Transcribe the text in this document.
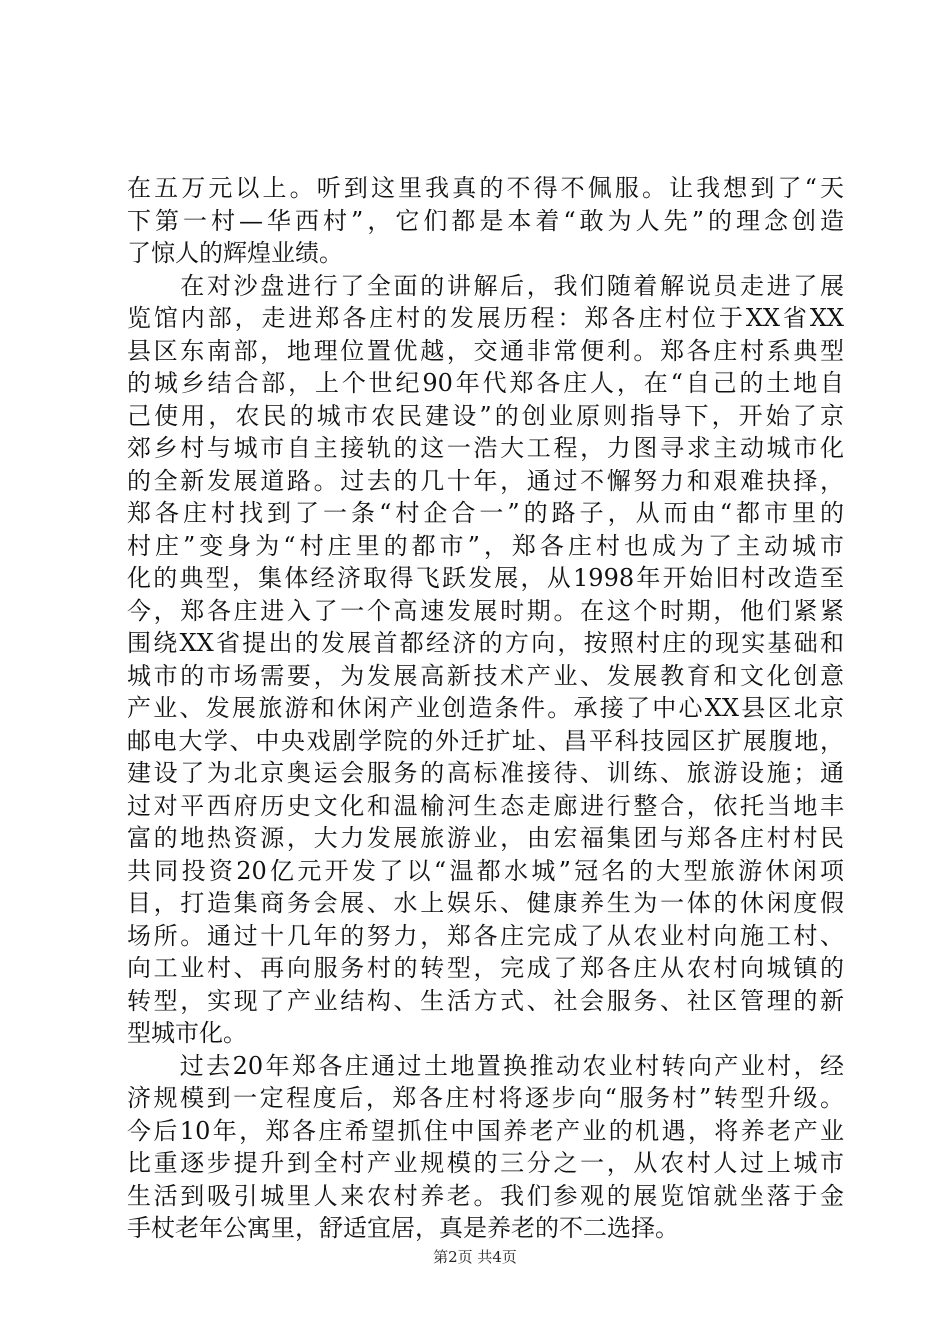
在五万元以上。听到这里我真的不得不佩服。让我想到了“天
下第一村—华西村”，它们都是本着“敢为人先”的理念创造
了惊人的辉煌业绩。
　　在对沙盘进行了全面的讲解后，我们随着解说员走进了展
览馆内部，走进郑各庄村的发展历程：郑各庄村位于XX省XX
县区东南部，地理位置优越，交通非常便利。郑各庄村系典型
的城乡结合部，上个世纪90年代郑各庄人，在“自己的土地自
己使用，农民的城市农民建设”的创业原则指导下，开始了京
郊乡村与城市自主接轨的这一浩大工程，力图寻求主动城市化
的全新发展道路。过去的几十年，通过不懈努力和艰难抉择，
郑各庄村找到了一条“村企合一”的路子，从而由“都市里的
村庄”变身为“村庄里的都市”，郑各庄村也成为了主动城市
化的典型，集体经济取得飞跃发展，从1998年开始旧村改造至
今，郑各庄进入了一个高速发展时期。在这个时期，他们紧紧
围绕XX省提出的发展首都经济的方向，按照村庄的现实基础和
城市的市场需要，为发展高新技术产业、发展教育和文化创意
产业、发展旅游和休闲产业创造条件。承接了中心XX县区北京
邮电大学、中央戏剧学院的外迁扩址、昌平科技园区扩展腹地，
建设了为北京奥运会服务的高标准接待、训练、旅游设施；通
过对平西府历史文化和温榆河生态走廊进行整合，依托当地丰
富的地热资源，大力发展旅游业，由宏福集团与郑各庄村村民
共同投资20亿元开发了以“温都水城”冠名的大型旅游休闲项
目，打造集商务会展、水上娱乐、健康养生为一体的休闲度假
场所。通过十几年的努力，郑各庄完成了从农业村向施工村、
向工业村、再向服务村的转型，完成了郑各庄从农村向城镇的
转型，实现了产业结构、生活方式、社会服务、社区管理的新
型城市化。
　　过去20年郑各庄通过土地置换推动农业村转向产业村，经
济规模到一定程度后，郑各庄村将逐步向“服务村”转型升级。
今后10年，郑各庄希望抓住中国养老产业的机遇，将养老产业
比重逐步提升到全村产业规模的三分之一，从农村人过上城市
生活到吸引城里人来农村养老。我们参观的展览馆就坐落于金
手杖老年公寓里，舒适宜居，真是养老的不二选择。
第2页 共4页
